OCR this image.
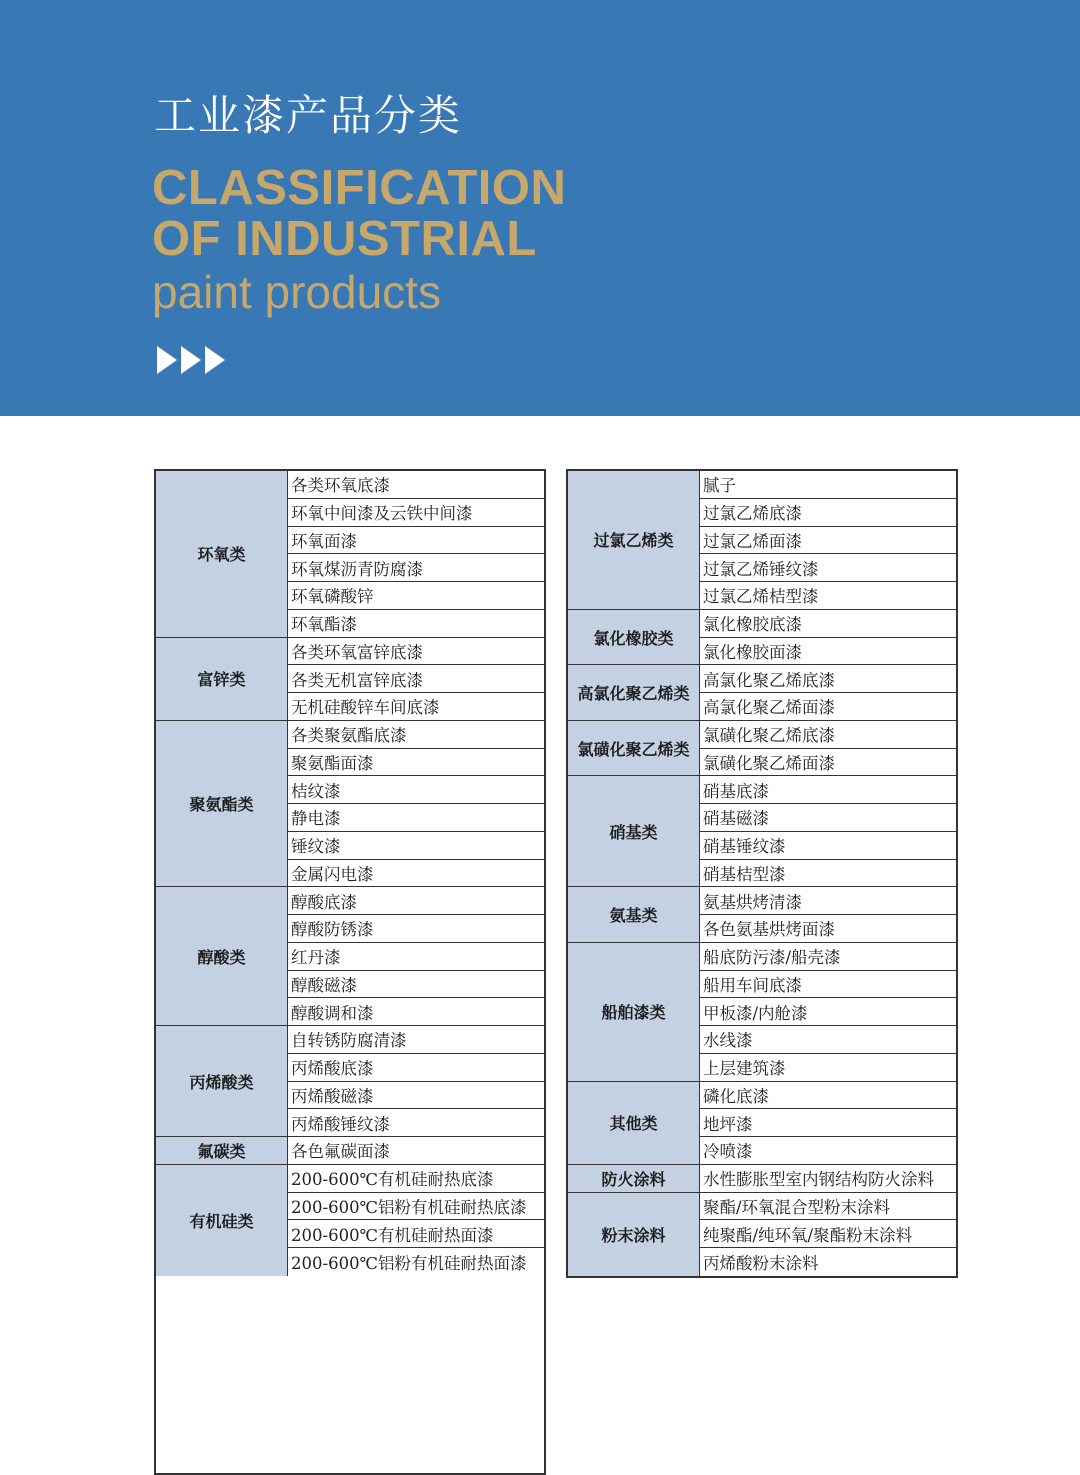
工业漆产品分类
CLASSIFICATION
OF INDUSTRIAL
paint products
环氧类
各类环氧底漆
环氧中间漆及云铁中间漆
环氧面漆
环氧煤沥青防腐漆
环氧磷酸锌
环氧酯漆
富锌类
各类环氧富锌底漆
各类无机富锌底漆
无机硅酸锌车间底漆
聚氨酯类
各类聚氨酯底漆
聚氨酯面漆
桔纹漆
静电漆
锤纹漆
金属闪电漆
醇酸类
醇酸底漆
醇酸防锈漆
红丹漆
醇酸磁漆
醇酸调和漆
丙烯酸类
自转锈防腐清漆
丙烯酸底漆
丙烯酸磁漆
丙烯酸锤纹漆
氟碳类	各色氟碳面漆
有机硅类
200-600℃有机硅耐热底漆
200-600℃铝粉有机硅耐热底漆
200-600℃有机硅耐热面漆
200-600℃铝粉有机硅耐热面漆
过氯乙烯类
腻子
过氯乙烯底漆
过氯乙烯面漆
过氯乙烯锤纹漆
过氯乙烯桔型漆
氯化橡胶类
氯化橡胶底漆
氯化橡胶面漆
高氯化聚乙烯类
高氯化聚乙烯底漆
高氯化聚乙烯面漆
氯磺化聚乙烯类
氯磺化聚乙烯底漆
氯磺化聚乙烯面漆
硝基类
硝基底漆
硝基磁漆
硝基锤纹漆
硝基桔型漆
氨基类
氨基烘烤清漆
各色氨基烘烤面漆
船舶漆类
船底防污漆/船壳漆
船用车间底漆
甲板漆/内舱漆
水线漆
上层建筑漆
其他类
磷化底漆
地坪漆
冷喷漆
防火涂料	水性膨胀型室内钢结构防火涂料
粉末涂料
聚酯/环氧混合型粉末涂料
纯聚酯/纯环氧/聚酯粉末涂料
丙烯酸粉末涂料
